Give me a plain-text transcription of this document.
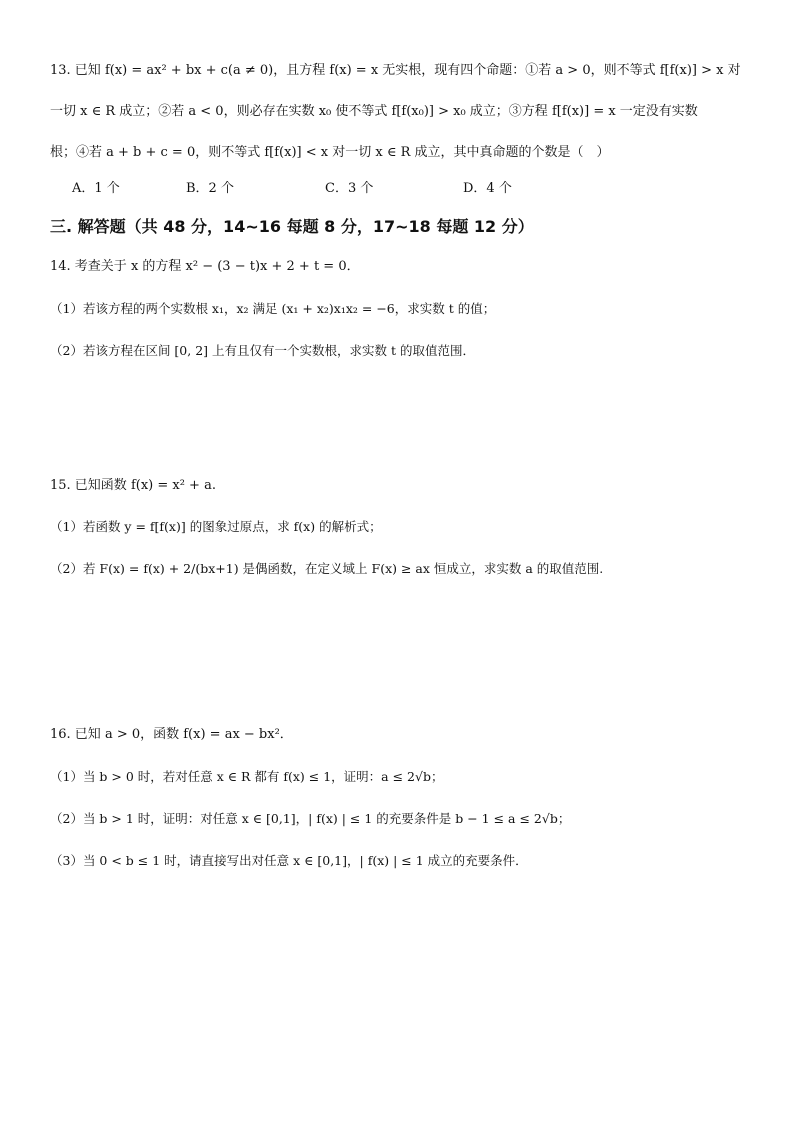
13. 已知 f(x) = ax² + bx + c(a ≠ 0)，且方程 f(x) = x 无实根，现有四个命题：①若 a > 0，则不等式 f[f(x)] > x 对
一切 x ∈ R 成立；②若 a < 0，则必存在实数 x₀ 使不等式 f[f(x₀)] > x₀ 成立；③方程 f[f(x)] = x 一定没有实数
根；④若 a + b + c = 0，则不等式 f[f(x)] < x 对一切 x ∈ R 成立，其中真命题的个数是（　）
A．1 个	B．2 个	C．3 个	D．4 个
三. 解答题（共 48 分，14~16 每题 8 分，17~18 每题 12 分）
14. 考查关于 x 的方程 x² − (3 − t)x + 2 + t = 0．
（1）若该方程的两个实数根 x₁，x₂ 满足 (x₁ + x₂)x₁x₂ = −6，求实数 t 的值；
（2）若该方程在区间 [0, 2] 上有且仅有一个实数根，求实数 t 的取值范围．
15. 已知函数 f(x) = x² + a.
（1）若函数 y = f[f(x)] 的图象过原点，求 f(x) 的解析式；
（2）若 F(x) = f(x) + 2/(bx+1) 是偶函数，在定义域上 F(x) ≥ ax 恒成立，求实数 a 的取值范围.
16. 已知 a > 0，函数 f(x) = ax − bx²．
（1）当 b > 0 时，若对任意 x ∈ R 都有 f(x) ≤ 1，证明：a ≤ 2√b；
（2）当 b > 1 时，证明：对任意 x ∈ [0,1]，| f(x) | ≤ 1 的充要条件是 b − 1 ≤ a ≤ 2√b；
（3）当 0 < b ≤ 1 时，请直接写出对任意 x ∈ [0,1]，| f(x) | ≤ 1 成立的充要条件．
